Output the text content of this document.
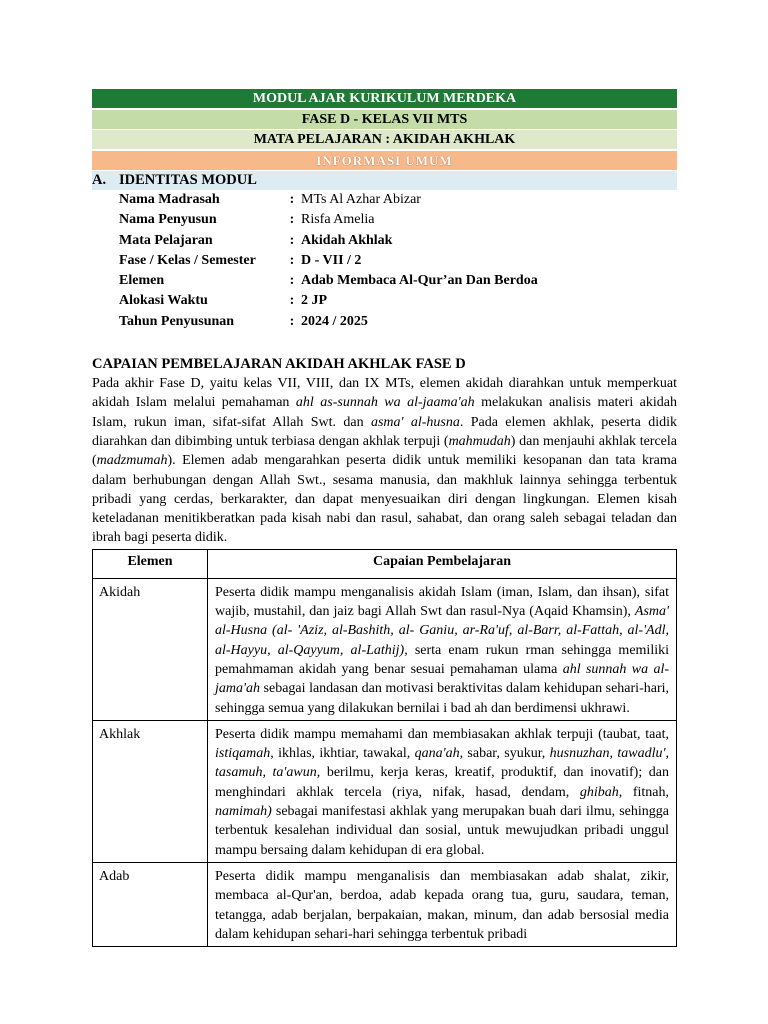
MODUL AJAR KURIKULUM MERDEKA
FASE D - KELAS VII MTS
MATA PELAJARAN : AKIDAH AKHLAK
INFORMASI UMUM
A. IDENTITAS MODUL
Nama Madrasah	: MTs Al Azhar Abizar
Nama Penyusun	: Risfa Amelia
Mata Pelajaran	: Akidah Akhlak
Fase / Kelas / Semester	: D - VII / 2
Elemen	: Adab Membaca Al-Qur’an Dan Berdoa
Alokasi Waktu	: 2 JP
Tahun Penyusunan	: 2024 / 2025
CAPAIAN PEMBELAJARAN AKIDAH AKHLAK FASE D
Pada akhir Fase D, yaitu kelas VII, VIII, dan IX MTs, elemen akidah diarahkan untuk memperkuat akidah Islam melalui pemahaman ahl as-sunnah wa al-jaama'ah melakukan analisis materi akidah Islam, rukun iman, sifat-sifat Allah Swt. dan asma' al-husna. Pada elemen akhlak, peserta didik diarahkan dan dibimbing untuk terbiasa dengan akhlak terpuji (mahmudah) dan menjauhi akhlak tercela (madzmumah). Elemen adab mengarahkan peserta didik untuk memiliki kesopanan dan tata krama dalam berhubungan dengan Allah Swt., sesama manusia, dan makhluk lainnya sehingga terbentuk pribadi yang cerdas, berkarakter, dan dapat menyesuaikan diri dengan lingkungan. Elemen kisah keteladanan menitikberatkan pada kisah nabi dan rasul, sahabat, dan orang saleh sebagai teladan dan ibrah bagi peserta didik.
Elemen	Capaian Pembelajaran
Akidah	Peserta didik mampu menganalisis akidah Islam (iman, Islam, dan ihsan), sifat wajib, mustahil, dan jaiz bagi Allah Swt dan rasul-Nya (Aqaid Khamsin), Asma' al-Husna (al- 'Aziz, al-Bashith, al- Ganiu, ar-Ra'uf, al-Barr, al-Fattah, al-'Adl, al-Hayyu, al-Qayyum, al-Lathij), serta enam rukun rman sehingga memiliki pemahmaman akidah yang benar sesuai pemahaman ulama ahl sunnah wa al-jama'ah sebagai landasan dan motivasi beraktivitas dalam kehidupan sehari-hari, sehingga semua yang dilakukan bernilai i bad ah dan berdimensi ukhrawi.
Akhlak	Peserta didik mampu memahami dan membiasakan akhlak terpuji (taubat, taat, istiqamah, ikhlas, ikhtiar, tawakal, qana'ah, sabar, syukur, husnuzhan, tawadlu', tasamuh, ta'awun, berilmu, kerja keras, kreatif, produktif, dan inovatif); dan menghindari akhlak tercela (riya, nifak, hasad, dendam, ghibah, fitnah, namimah) sebagai manifestasi akhlak yang merupakan buah dari ilmu, sehingga terbentuk kesalehan individual dan sosial, untuk mewujudkan pribadi unggul mampu bersaing dalam kehidupan di era global.
Adab	Peserta didik mampu menganalisis dan membiasakan adab shalat, zikir, membaca al-Qur'an, berdoa, adab kepada orang tua, guru, saudara, teman, tetangga, adab berjalan, berpakaian, makan, minum, dan adab bersosial media dalam kehidupan sehari-hari sehingga terbentuk pribadi
